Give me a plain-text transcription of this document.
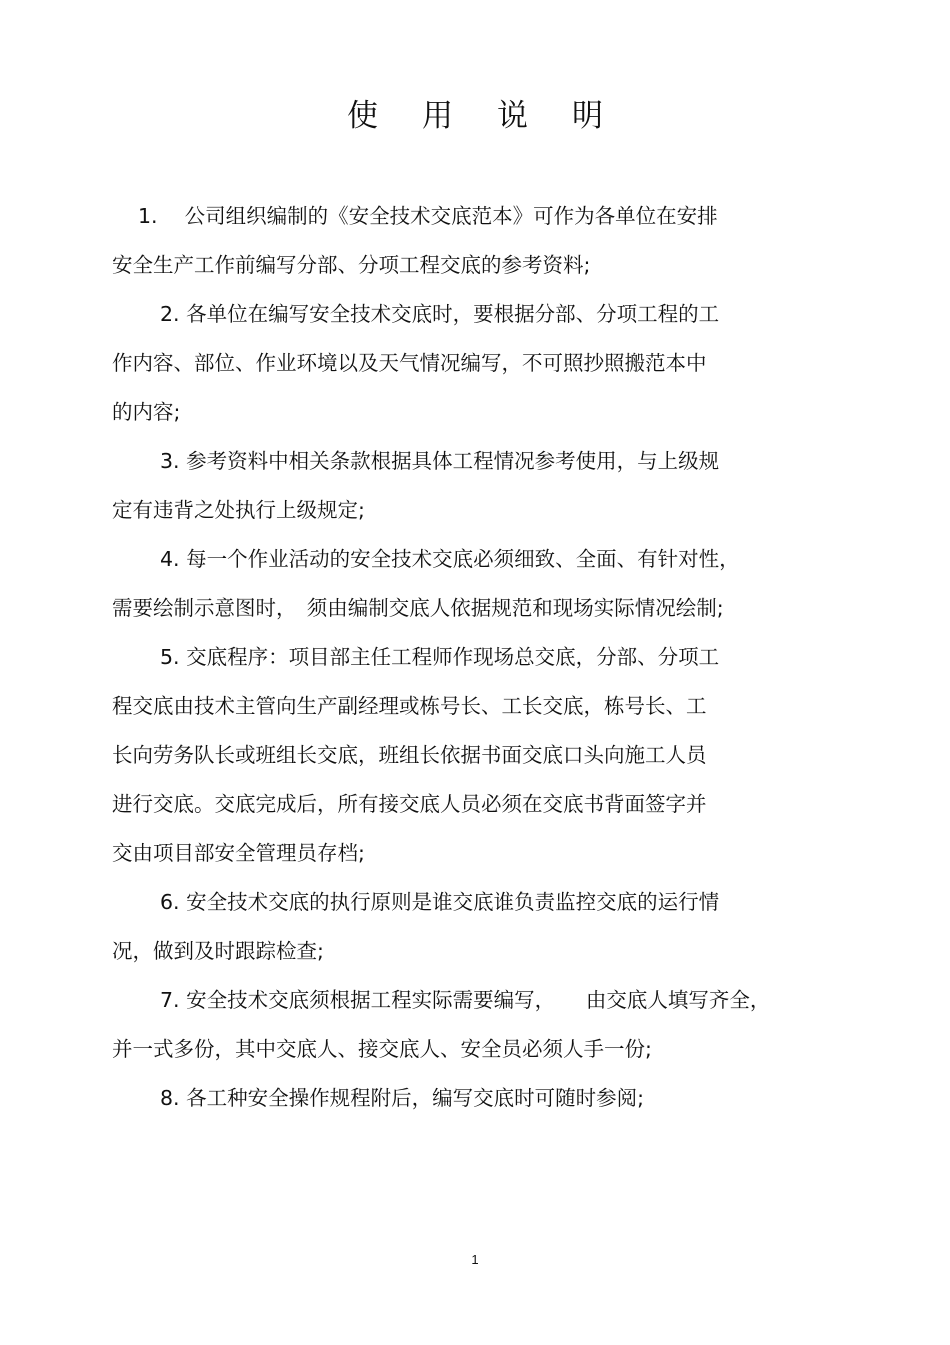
使 用 说 明
1.　 公司组织编制的《安全技术交底范本》可作为各单位在安排
安全生产工作前编写分部、分项工程交底的参考资料;
2. 各单位在编写安全技术交底时，要根据分部、分项工程的工
作内容、部位、作业环境以及天气情况编写，不可照抄照搬范本中
的内容;
3. 参考资料中相关条款根据具体工程情况参考使用，与上级规
定有违背之处执行上级规定;
4. 每一个作业活动的安全技术交底必须细致、全面、有针对性，
需要绘制示意图时，　须由编制交底人依据规范和现场实际情况绘制;
5. 交底程序：项目部主任工程师作现场总交底，分部、分项工
程交底由技术主管向生产副经理或栋号长、工长交底，栋号长、工
长向劳务队长或班组长交底，班组长依据书面交底口头向施工人员
进行交底。交底完成后，所有接交底人员必须在交底书背面签字并
交由项目部安全管理员存档;
6. 安全技术交底的执行原则是谁交底谁负责监控交底的运行情
况，做到及时跟踪检查;
7. 安全技术交底须根据工程实际需要编写，　　由交底人填写齐全，
并一式多份，其中交底人、接交底人、安全员必须人手一份;
8. 各工种安全操作规程附后，编写交底时可随时参阅;
1
